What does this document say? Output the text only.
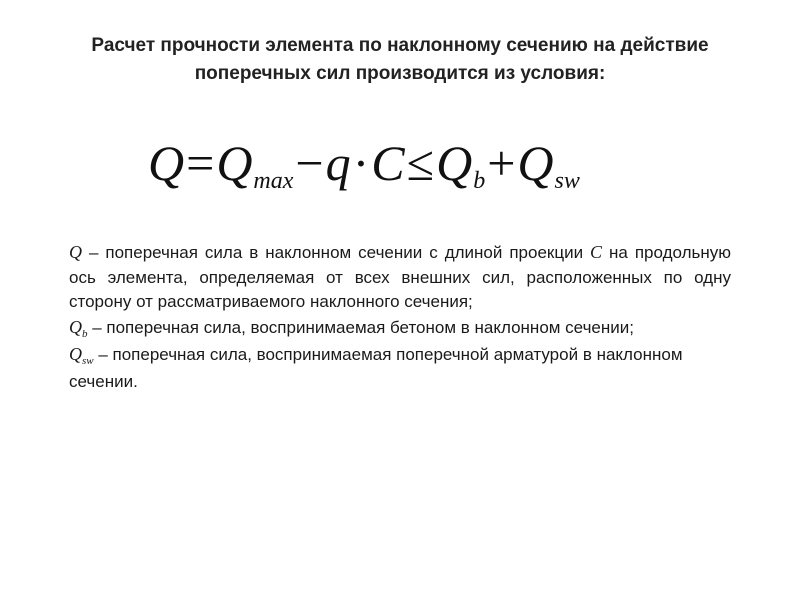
Расчет прочности элемента по наклонному сечению на действие
поперечных сил производится из условия:
$Q=Q_{max}-q\cdot C\le Q_b+Q_{sw}$

Q – поперечная сила в наклонном сечении с длиной проекции C на продольную ось элемента, определяемая от всех внешних сил, расположенных по одну сторону от рассматриваемого наклонного сечения;

$Q_b$ – поперечная сила, воспринимаемая бетоном в наклонном сечении;

$Q_{sw}$ – поперечная сила, воспринимаемая поперечной арматурой в наклонном сечении.
